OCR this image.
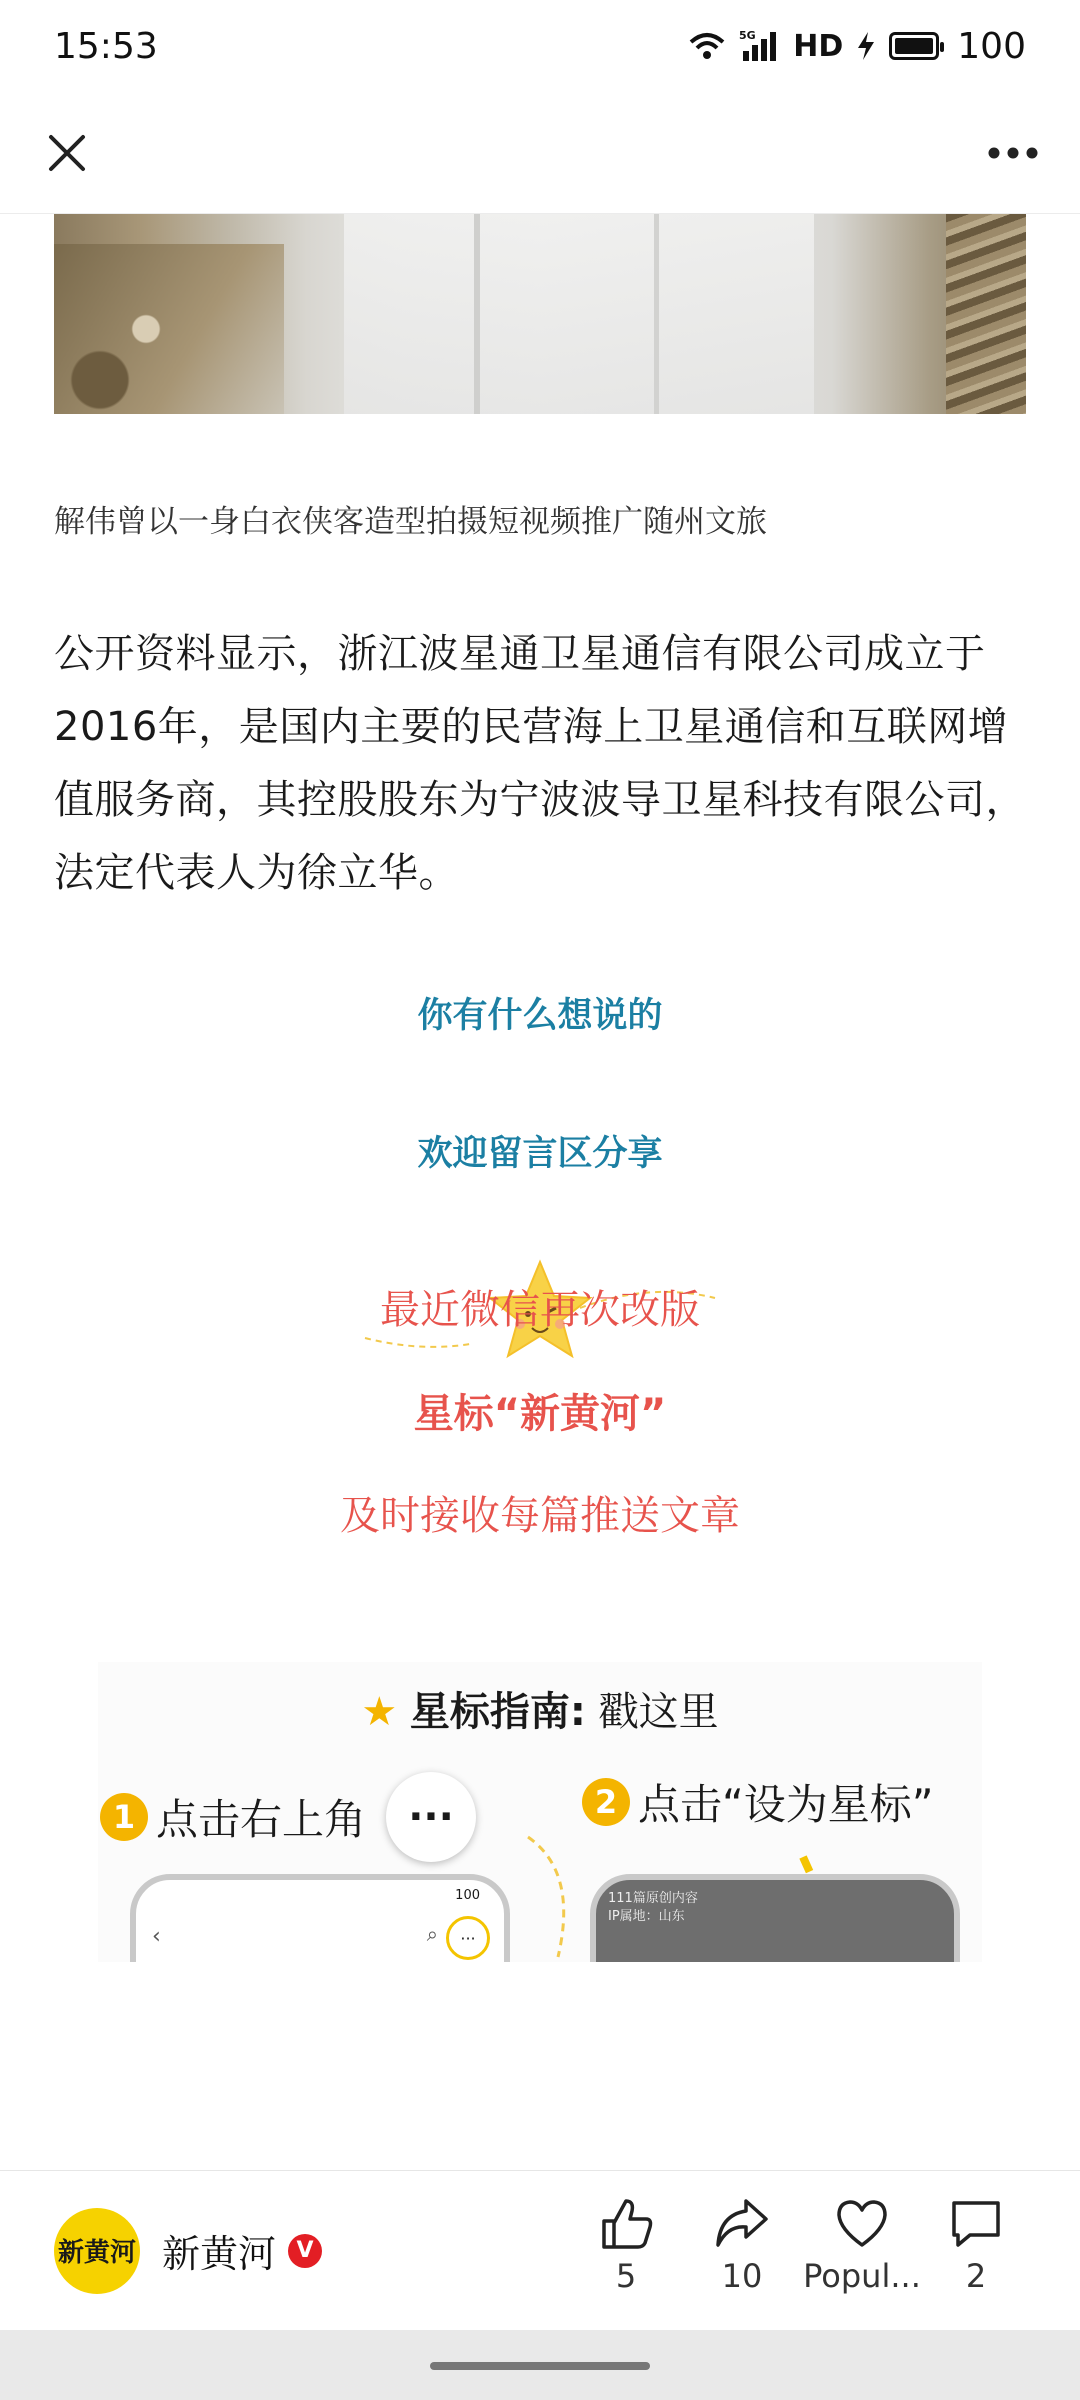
15:53	5G HD	100
解伟曾以一身白衣侠客造型拍摄短视频推广随州文旅

公开资料显示，浙江波星通卫星通信有限公司成立于2016年，是国内主要的民营海上卫星通信和互联网增值服务商，其控股股东为宁波波导卫星科技有限公司，法定代表人为徐立华。

你有什么想说的
欢迎留言区分享
最近微信再次改版
星标“新黄河”
及时接收每篇推送文章
★ 星标指南: 戳这里
1 点击右上角	···	2 点击“设为星标”
100
‹	⌕	···
111篇原创内容
IP属地：山东
新黄河 新黄河 V
5	10 Popul... 2
